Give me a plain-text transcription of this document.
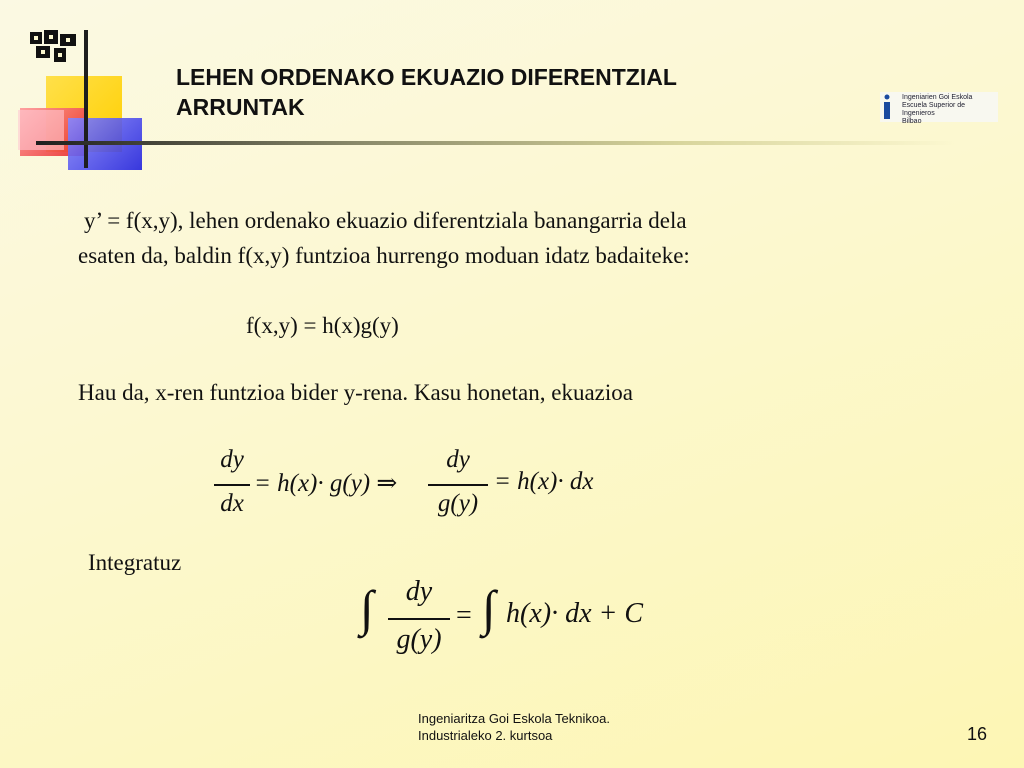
LEHEN ORDENAKO EKUAZIO DIFERENTZIAL
ARRUNTAK	Ingeniarien Goi Eskola
Escuela Superior de Ingenieros
Bilbao
y’ = f(x,y), lehen ordenako ekuazio diferentziala banangarria dela
esaten da, baldin f(x,y) funtzioa hurrengo moduan idatz badaiteke:
f(x,y) = h(x)g(y)
Hau da, x-ren funtzioa bider y-rena. Kasu honetan, ekuazioa
dy
dx
= h(x)· g(y) ⇒
dy
g(y)
= h(x)· dx
Integratuz
∫	dy
g(y)
= ∫ h(x)· dx + C
Ingeniaritza Goi Eskola Teknikoa.
Industrialeko 2. kurtsoa	16
